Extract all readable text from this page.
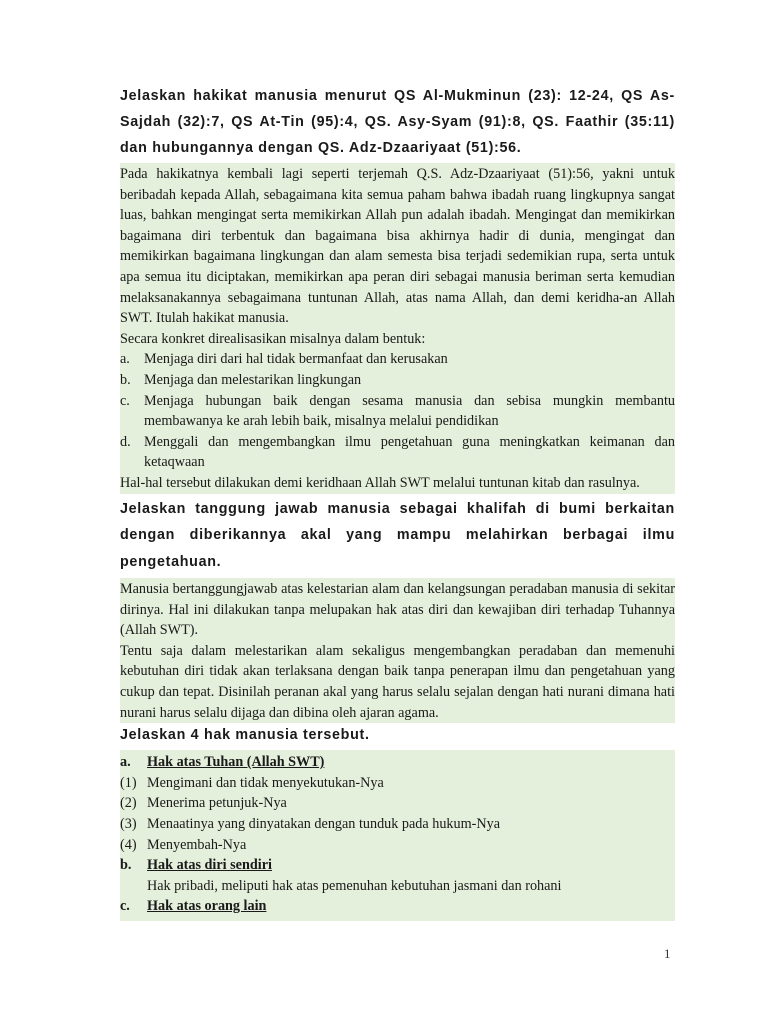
Jelaskan hakikat manusia menurut QS Al-Mukminun (23): 12-24, QS As-Sajdah (32):7, QS At-Tin (95):4, QS. Asy-Syam (91):8, QS. Faathir (35:11) dan hubungannya dengan QS. Adz-Dzaariyaat (51):56.

Pada hakikatnya kembali lagi seperti terjemah Q.S. Adz-Dzaariyaat (51):56, yakni untuk beribadah kepada Allah, sebagaimana kita semua paham bahwa ibadah ruang lingkupnya sangat luas, bahkan mengingat serta memikirkan Allah pun adalah ibadah. Mengingat dan memikirkan bagaimana diri terbentuk dan bagaimana bisa akhirnya hadir di dunia, mengingat dan memikirkan bagaimana lingkungan dan alam semesta bisa terjadi sedemikian rupa, serta untuk apa semua itu diciptakan, memikirkan apa peran diri sebagai manusia beriman serta kemudian melaksanakannya sebagaimana tuntunan Allah, atas nama Allah, dan demi keridha-an Allah SWT. Itulah hakikat manusia.

Secara konkret direalisasikan misalnya dalam bentuk:

a. Menjaga diri dari hal tidak bermanfaat dan kerusakan
b. Menjaga dan melestarikan lingkungan
c. Menjaga hubungan baik dengan sesama manusia dan sebisa mungkin membantu membawanya ke arah lebih baik, misalnya melalui pendidikan
d. Menggali dan mengembangkan ilmu pengetahuan guna meningkatkan keimanan dan ketaqwaan

Hal-hal tersebut dilakukan demi keridhaan Allah SWT melalui tuntunan kitab dan rasulnya.

Jelaskan tanggung jawab manusia sebagai khalifah di bumi berkaitan dengan diberikannya akal yang mampu melahirkan berbagai ilmu pengetahuan.

Manusia bertanggungjawab atas kelestarian alam dan kelangsungan peradaban manusia di sekitar dirinya. Hal ini dilakukan tanpa melupakan hak atas diri dan kewajiban diri terhadap Tuhannya (Allah SWT).

Tentu saja dalam melestarikan alam sekaligus mengembangkan peradaban dan memenuhi kebutuhan diri tidak akan terlaksana dengan baik tanpa penerapan ilmu dan pengetahuan yang cukup dan tepat. Disinilah peranan akal yang harus selalu sejalan dengan hati nurani dimana hati nurani harus selalu dijaga dan dibina oleh ajaran agama.

Jelaskan 4 hak manusia tersebut.
a.	Hak atas Tuhan (Allah SWT)
(1) Mengimani dan tidak menyekutukan-Nya
(2) Menerima petunjuk-Nya
(3) Menaatinya yang dinyatakan dengan tunduk pada hukum-Nya
(4) Menyembah-Nya
b.	Hak atas diri sendiri
Hak pribadi, meliputi hak atas pemenuhan kebutuhan jasmani dan rohani
c.	Hak atas orang lain
1
